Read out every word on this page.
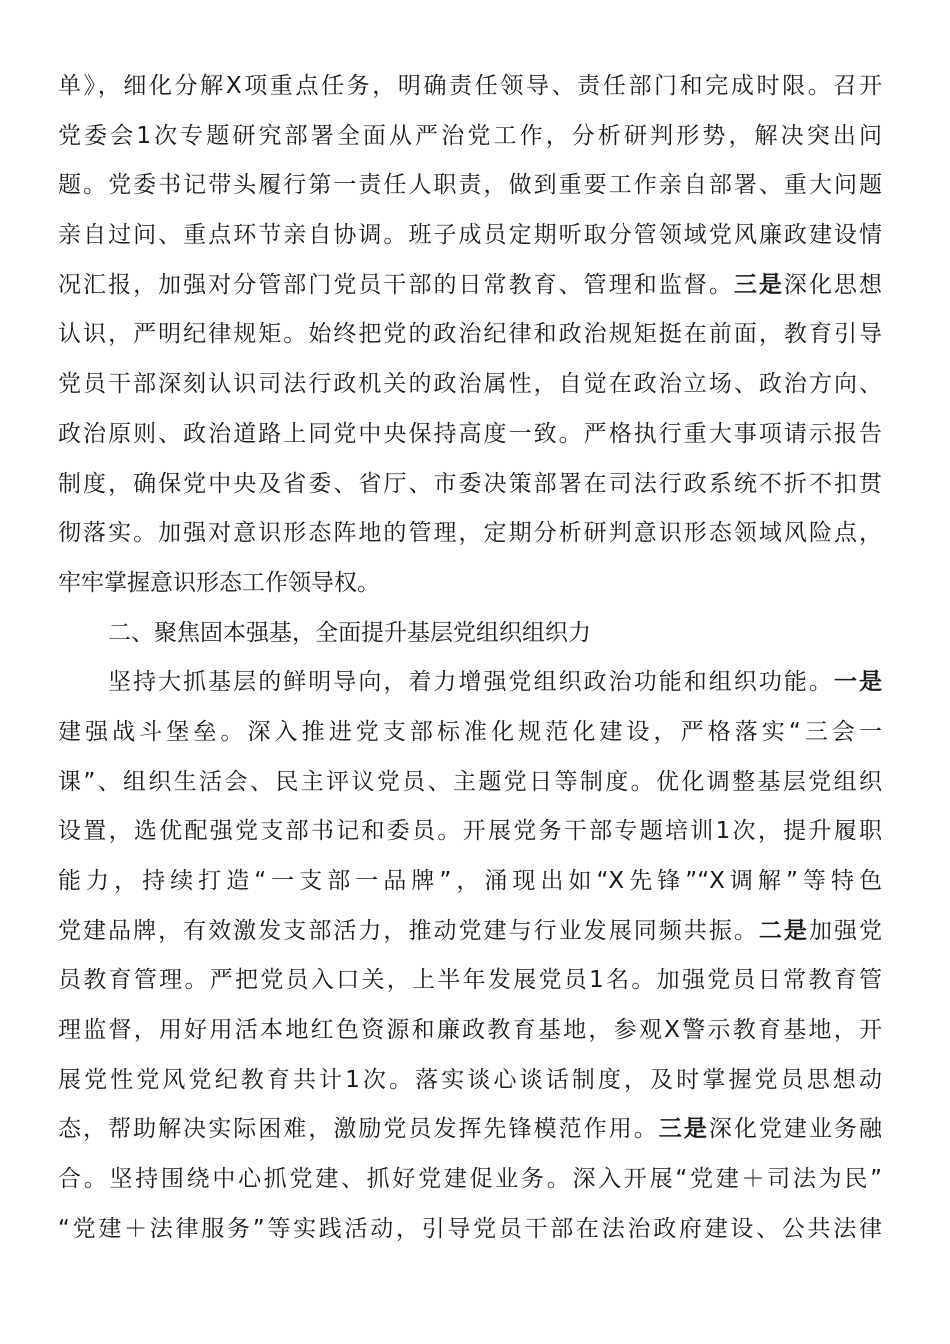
单》，细化分解X项重点任务，明确责任领导、责任部门和完成时限。召开
党委会1次专题研究部署全面从严治党工作，分析研判形势，解决突出问
题。党委书记带头履行第一责任人职责，做到重要工作亲自部署、重大问题
亲自过问、重点环节亲自协调。班子成员定期听取分管领域党风廉政建设情
况汇报，加强对分管部门党员干部的日常教育、管理和监督。三是深化思想
认识，严明纪律规矩。始终把党的政治纪律和政治规矩挺在前面，教育引导
党员干部深刻认识司法行政机关的政治属性，自觉在政治立场、政治方向、
政治原则、政治道路上同党中央保持高度一致。严格执行重大事项请示报告
制度，确保党中央及省委、省厅、市委决策部署在司法行政系统不折不扣贯
彻落实。加强对意识形态阵地的管理，定期分析研判意识形态领域风险点，
牢牢掌握意识形态工作领导权。
二、聚焦固本强基，全面提升基层党组织组织力
坚持大抓基层的鲜明导向，着力增强党组织政治功能和组织功能。一是
建强战斗堡垒。深入推进党支部标准化规范化建设，严格落实“三会一
课”、组织生活会、民主评议党员、主题党日等制度。优化调整基层党组织
设置，选优配强党支部书记和委员。开展党务干部专题培训1次，提升履职
能力，持续打造“一支部一品牌”，涌现出如“X先锋”“X调解”等特色
党建品牌，有效激发支部活力，推动党建与行业发展同频共振。二是加强党
员教育管理。严把党员入口关，上半年发展党员1名。加强党员日常教育管
理监督，用好用活本地红色资源和廉政教育基地，参观X警示教育基地，开
展党性党风党纪教育共计1次。落实谈心谈话制度，及时掌握党员思想动
态，帮助解决实际困难，激励党员发挥先锋模范作用。三是深化党建业务融
合。坚持围绕中心抓党建、抓好党建促业务。深入开展“党建＋司法为民”
“党建＋法律服务”等实践活动，引导党员干部在法治政府建设、公共法律
